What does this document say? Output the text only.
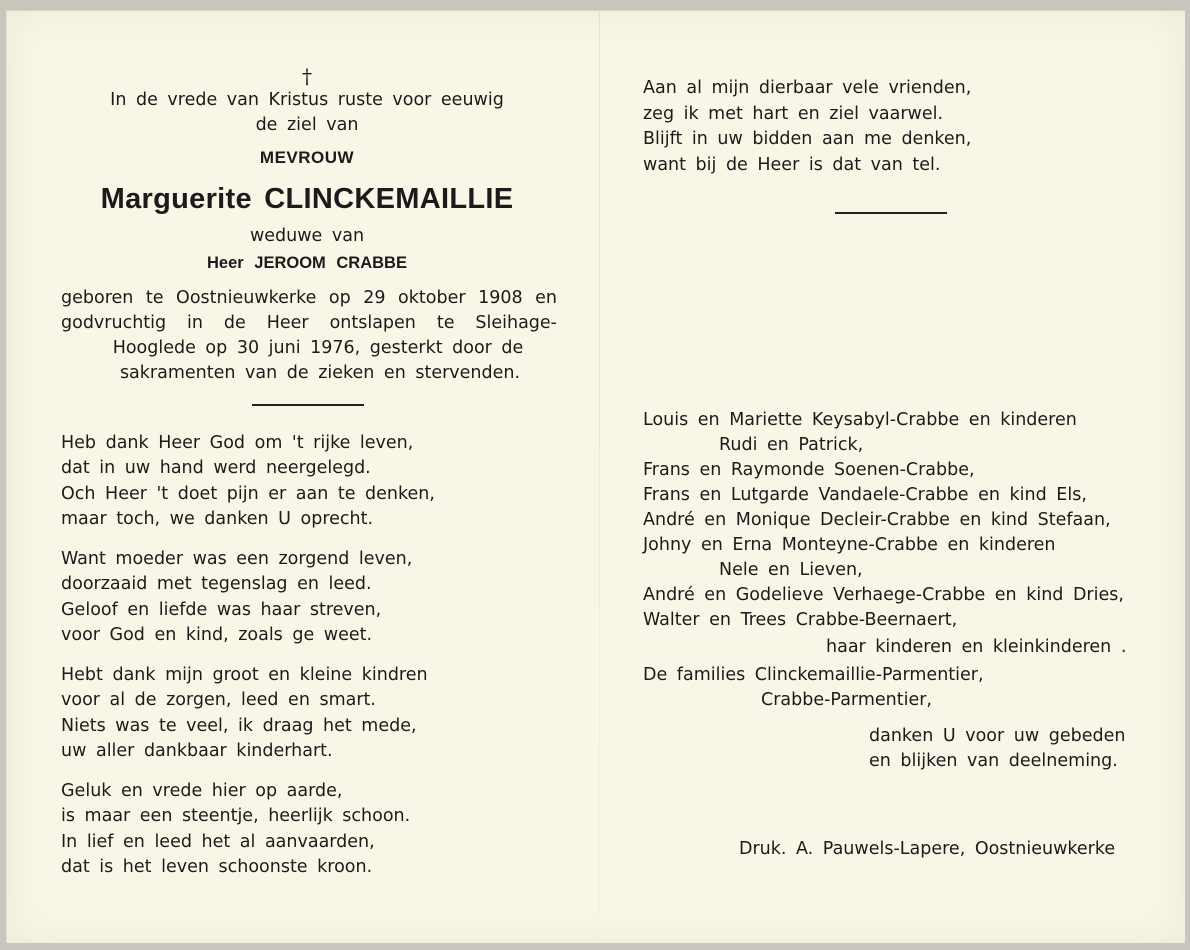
†

In de vrede van Kristus ruste voor eeuwig

de ziel van

MEVROUW

Marguerite CLINCKEMAILLIE

weduwe van

Heer JEROOM CRABBE

geboren te Oostnieuwkerke op 29 oktober 1908 en

godvruchtig in de Heer ontslapen te Sleihage-

Hooglede op 30 juni 1976, gesterkt door de

sakramenten van de zieken en stervenden.

Heb dank Heer God om 't rijke leven,

dat in uw hand werd neergelegd.

Och Heer 't doet pijn er aan te denken,

maar toch, we danken U oprecht.

Want moeder was een zorgend leven,

doorzaaid met tegenslag en leed.

Geloof en liefde was haar streven,

voor God en kind, zoals ge weet.

Hebt dank mijn groot en kleine kindren

voor al de zorgen, leed en smart.

Niets was te veel, ik draag het mede,

uw aller dankbaar kinderhart.

Geluk en vrede hier op aarde,

is maar een steentje, heerlijk schoon.

In lief en leed het al aanvaarden,

dat is het leven schoonste kroon.

Aan al mijn dierbaar vele vrienden,

zeg ik met hart en ziel vaarwel.

Blijft in uw bidden aan me denken,

want bij de Heer is dat van tel.

Louis en Mariette Keysabyl-Crabbe en kinderen

Rudi en Patrick,

Frans en Raymonde Soenen-Crabbe,

Frans en Lutgarde Vandaele-Crabbe en kind Els,

André en Monique Decleir-Crabbe en kind Stefaan,

Johny en Erna Monteyne-Crabbe en kinderen

Nele en Lieven,

André en Godelieve Verhaege-Crabbe en kind Dries,

Walter en Trees Crabbe-Beernaert,

haar kinderen en kleinkinderen .

De families Clinckemaillie-Parmentier,

Crabbe-Parmentier,

danken U voor uw gebeden

en blijken van deelneming.

Druk. A. Pauwels-Lapere, Oostnieuwkerke
